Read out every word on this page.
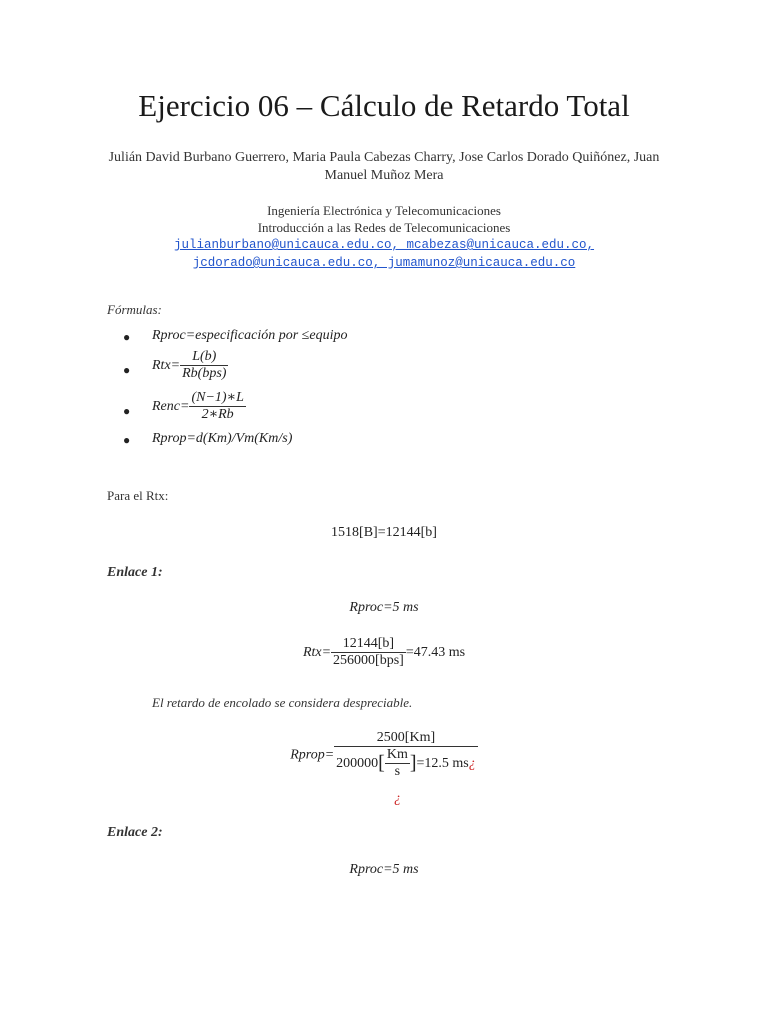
Ejercicio 06 – Cálculo de Retardo Total
Julián David Burbano Guerrero, Maria Paula Cabezas Charry, Jose Carlos Dorado Quiñónez, Juan
Manuel Muñoz Mera
Ingeniería Electrónica y Telecomunicaciones
Introducción a las Redes de Telecomunicaciones
julianburbano@unicauca.edu.co, mcabezas@unicauca.edu.co,
jcdorado@unicauca.edu.co, jumamunoz@unicauca.edu.co
Fórmulas:
● Rproc=especificación por ≤equipo
● $Rtx= \frac{L(b)}{\text{Rb(bps)}}$
● Renc= $\frac{(N-1)∗L}{2∗Rb}$
● Rprop=d(Km)/Vm(Km/s)
Para el Rtx:
1518[B]=12144[b]
Enlace 1:
Rproc=5 ms
$Rtx= \frac{12144[b]}{\text{256000[bps]}} =47.43$ ms
El retardo de encolado se considera despreciable.
Rprop= $\frac{2500[Km]}{200000[ \frac{Km}{s} ]=12.5 ms¿}$
¿
Enlace 2:
Rproc=5 ms
